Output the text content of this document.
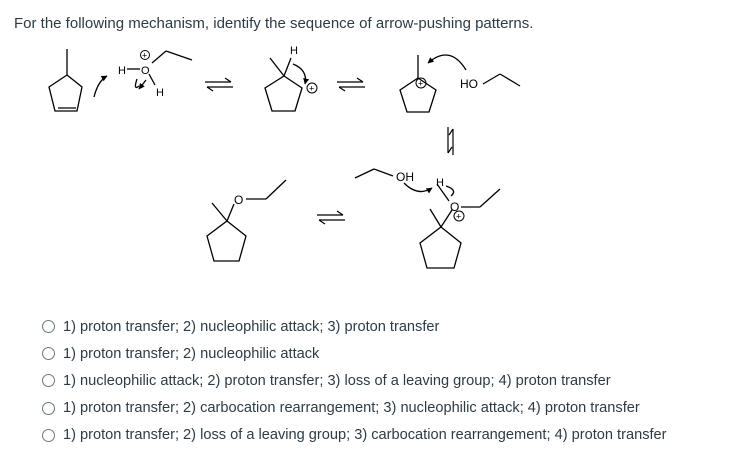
For the following mechanism, identify the sequence of arrow-pushing patterns.
H O
H
+	H
+	+	HO
OH H
O
+
O
1) proton transfer; 2) nucleophilic attack; 3) proton transfer
1) proton transfer; 2) nucleophilic attack
1) nucleophilic attack; 2) proton transfer; 3) loss of a leaving group; 4) proton transfer
1) proton transfer; 2) carbocation rearrangement; 3) nucleophilic attack; 4) proton transfer
1) proton transfer; 2) loss of a leaving group; 3) carbocation rearrangement; 4) proton transfer
